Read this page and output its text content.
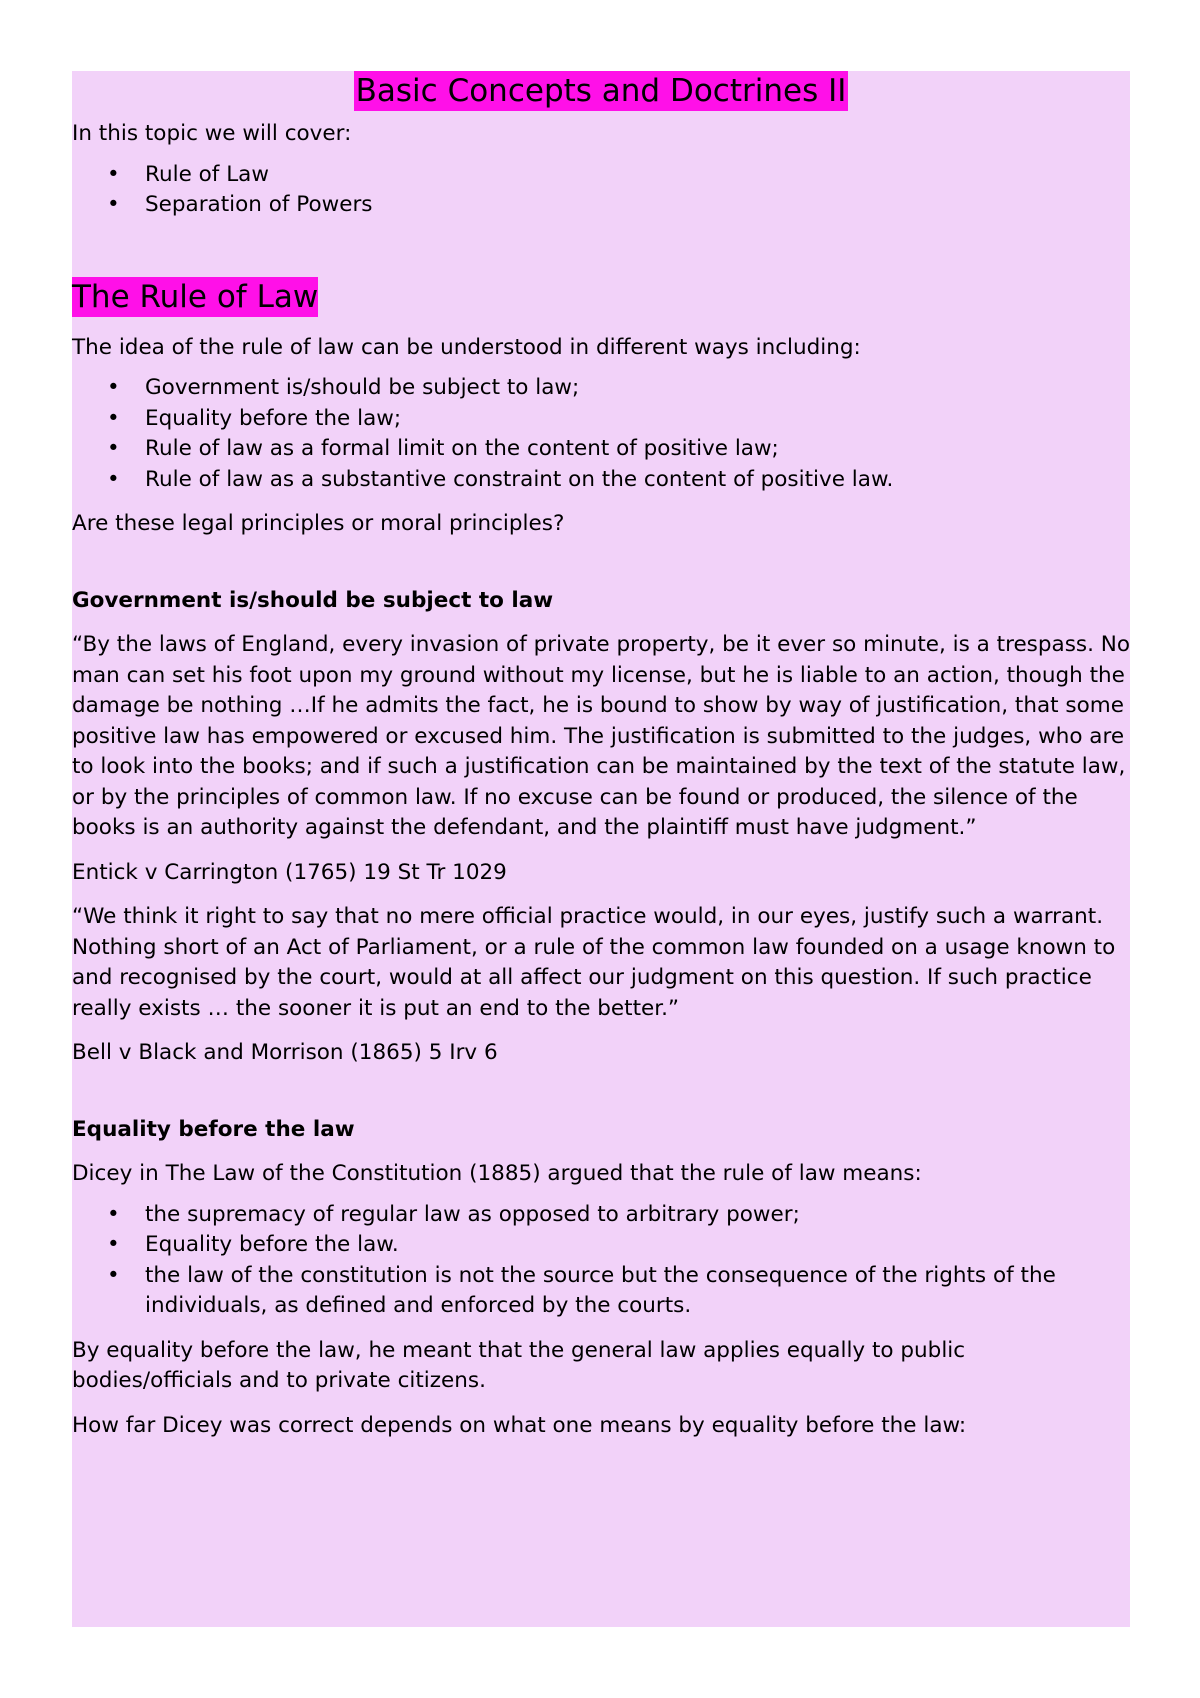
Basic Concepts and Doctrines II

In this topic we will cover:

• Rule of Law
• Separation of Powers
The Rule of Law

The idea of the rule of law can be understood in different ways including:

• Government is/should be subject to law;
• Equality before the law;
• Rule of law as a formal limit on the content of positive law;
• Rule of law as a substantive constraint on the content of positive law.

Are these legal principles or moral principles?

Government is/should be subject to law

“By the laws of England, every invasion of private property, be it ever so minute, is a trespass. No man can set his foot upon my ground without my license, but he is liable to an action, though the damage be nothing …If he admits the fact, he is bound to show by way of justification, that some positive law has empowered or excused him. The justification is submitted to the judges, who are to look into the books; and if such a justification can be maintained by the text of the statute law, or by the principles of common law. If no excuse can be found or produced, the silence of the books is an authority against the defendant, and the plaintiff must have judgment.”

Entick v Carrington (1765) 19 St Tr 1029

“We think it right to say that no mere official practice would, in our eyes, justify such a warrant. Nothing short of an Act of Parliament, or a rule of the common law founded on a usage known to and recognised by the court, would at all affect our judgment on this question. If such practice really exists … the sooner it is put an end to the better.”

Bell v Black and Morrison (1865) 5 Irv 6

Equality before the law

Dicey in The Law of the Constitution (1885) argued that the rule of law means:

• the supremacy of regular law as opposed to arbitrary power;
• Equality before the law.
• the law of the constitution is not the source but the consequence of the rights of the individuals, as defined and enforced by the courts.

By equality before the law, he meant that the general law applies equally to public bodies/officials and to private citizens.

How far Dicey was correct depends on what one means by equality before the law:
